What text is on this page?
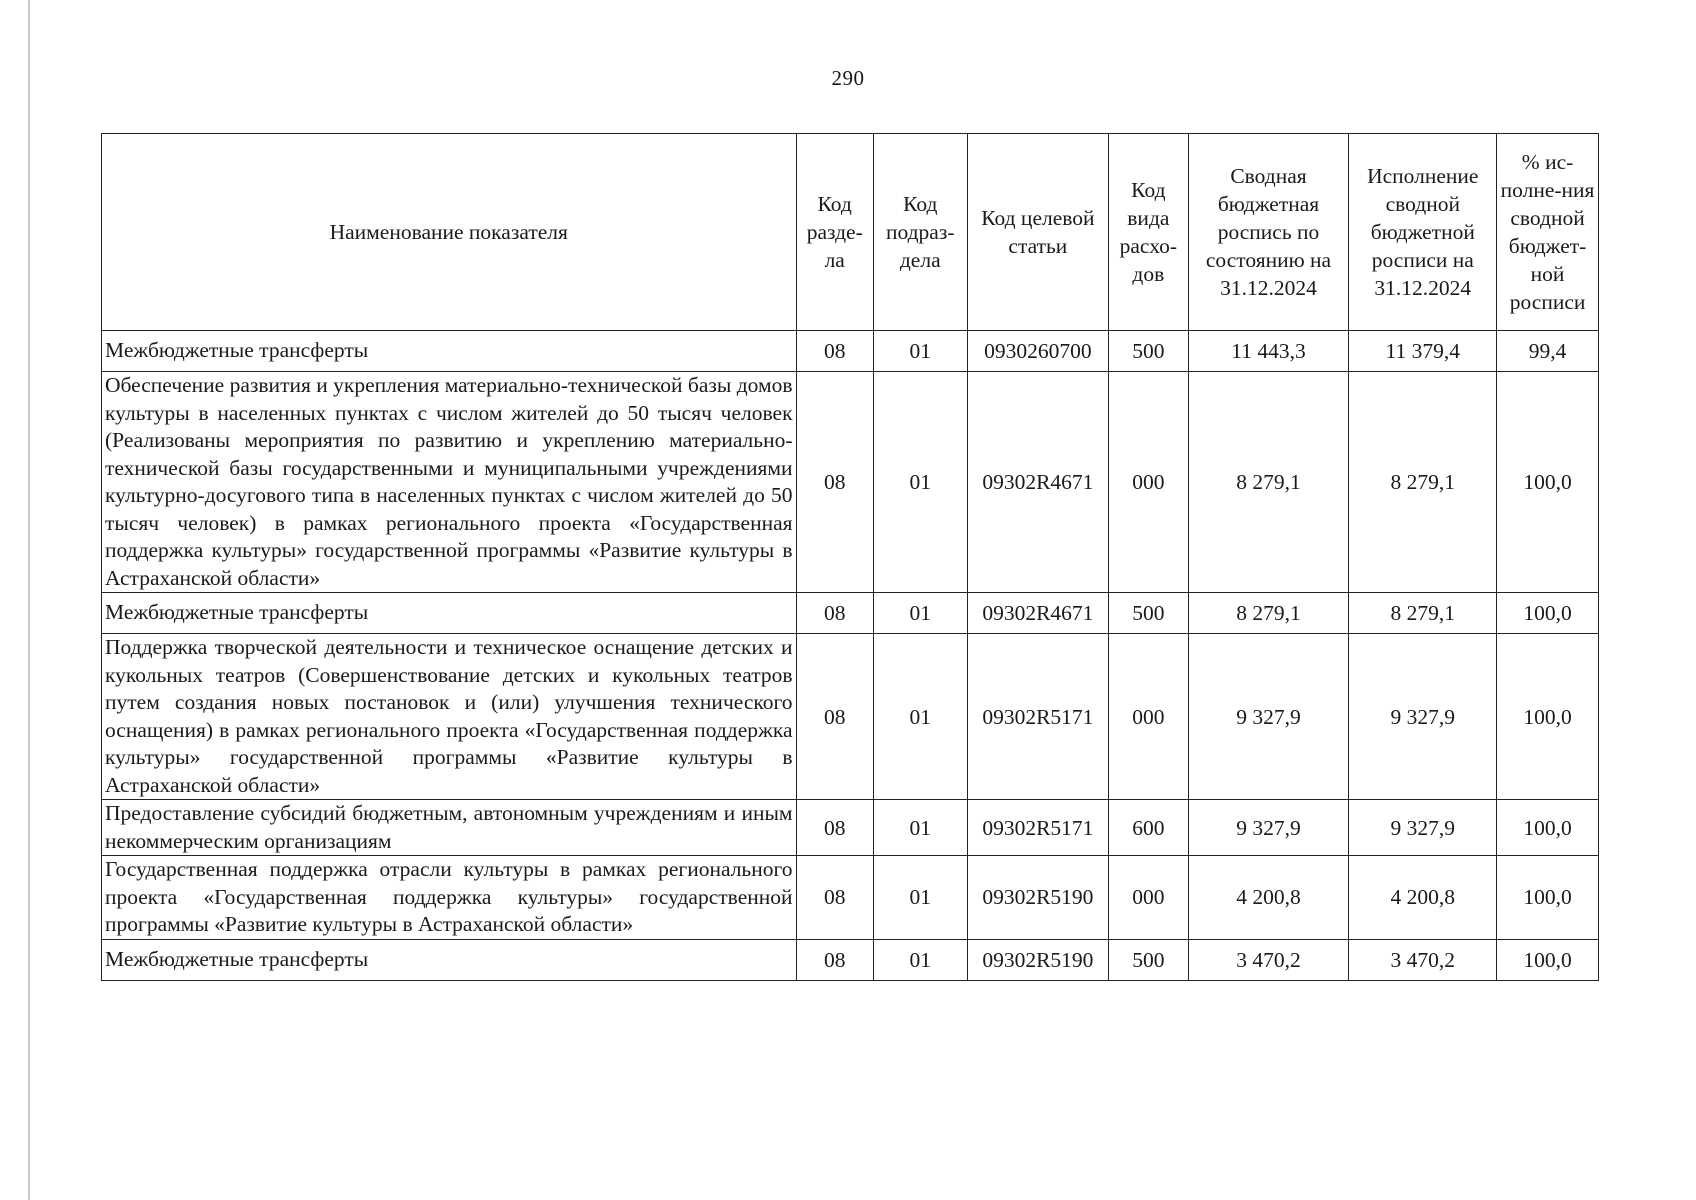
290
Наименование показателя	Код разде-ла	Код подраз-дела	Код целевой статьи	Код вида расхо-дов	Сводная бюджетная роспись по состоянию на 31.12.2024	Исполнение сводной бюджетной росписи на 31.12.2024	% ис-полне-ния сводной бюджет-ной росписи
Межбюджетные трансферты	08	01	0930260700	500	11 443,3	11 379,4	99,4
Обеспечение развития и укрепления материально-технической базы домов культуры в населенных пунктах с числом жителей до 50 тысяч человек (Реализованы мероприятия по развитию и укреплению материально-технической базы государственными и муниципальными учреждениями культурно-досугового типа в населенных пунктах с числом жителей до 50 тысяч человек) в рамках регионального проекта «Государственная поддержка культуры» государственной программы «Развитие культуры в Астраханской области»	08	01	09302R4671	000	8 279,1	8 279,1	100,0
Межбюджетные трансферты	08	01	09302R4671	500	8 279,1	8 279,1	100,0
Поддержка творческой деятельности и техническое оснащение детских и кукольных театров (Совершенствование детских и кукольных театров путем создания новых постановок и (или) улучшения технического оснащения) в рамках регионального проекта «Государственная поддержка культуры» государственной программы «Развитие культуры в Астраханской области»	08	01	09302R5171	000	9 327,9	9 327,9	100,0
Предоставление субсидий бюджетным, автономным учреждениям и иным некоммерческим организациям	08	01	09302R5171	600	9 327,9	9 327,9	100,0
Государственная поддержка отрасли культуры в рамках регионального проекта «Государственная поддержка культуры» государственной программы «Развитие культуры в Астраханской области»	08	01	09302R5190	000	4 200,8	4 200,8	100,0
Межбюджетные трансферты	08	01	09302R5190	500	3 470,2	3 470,2	100,0
